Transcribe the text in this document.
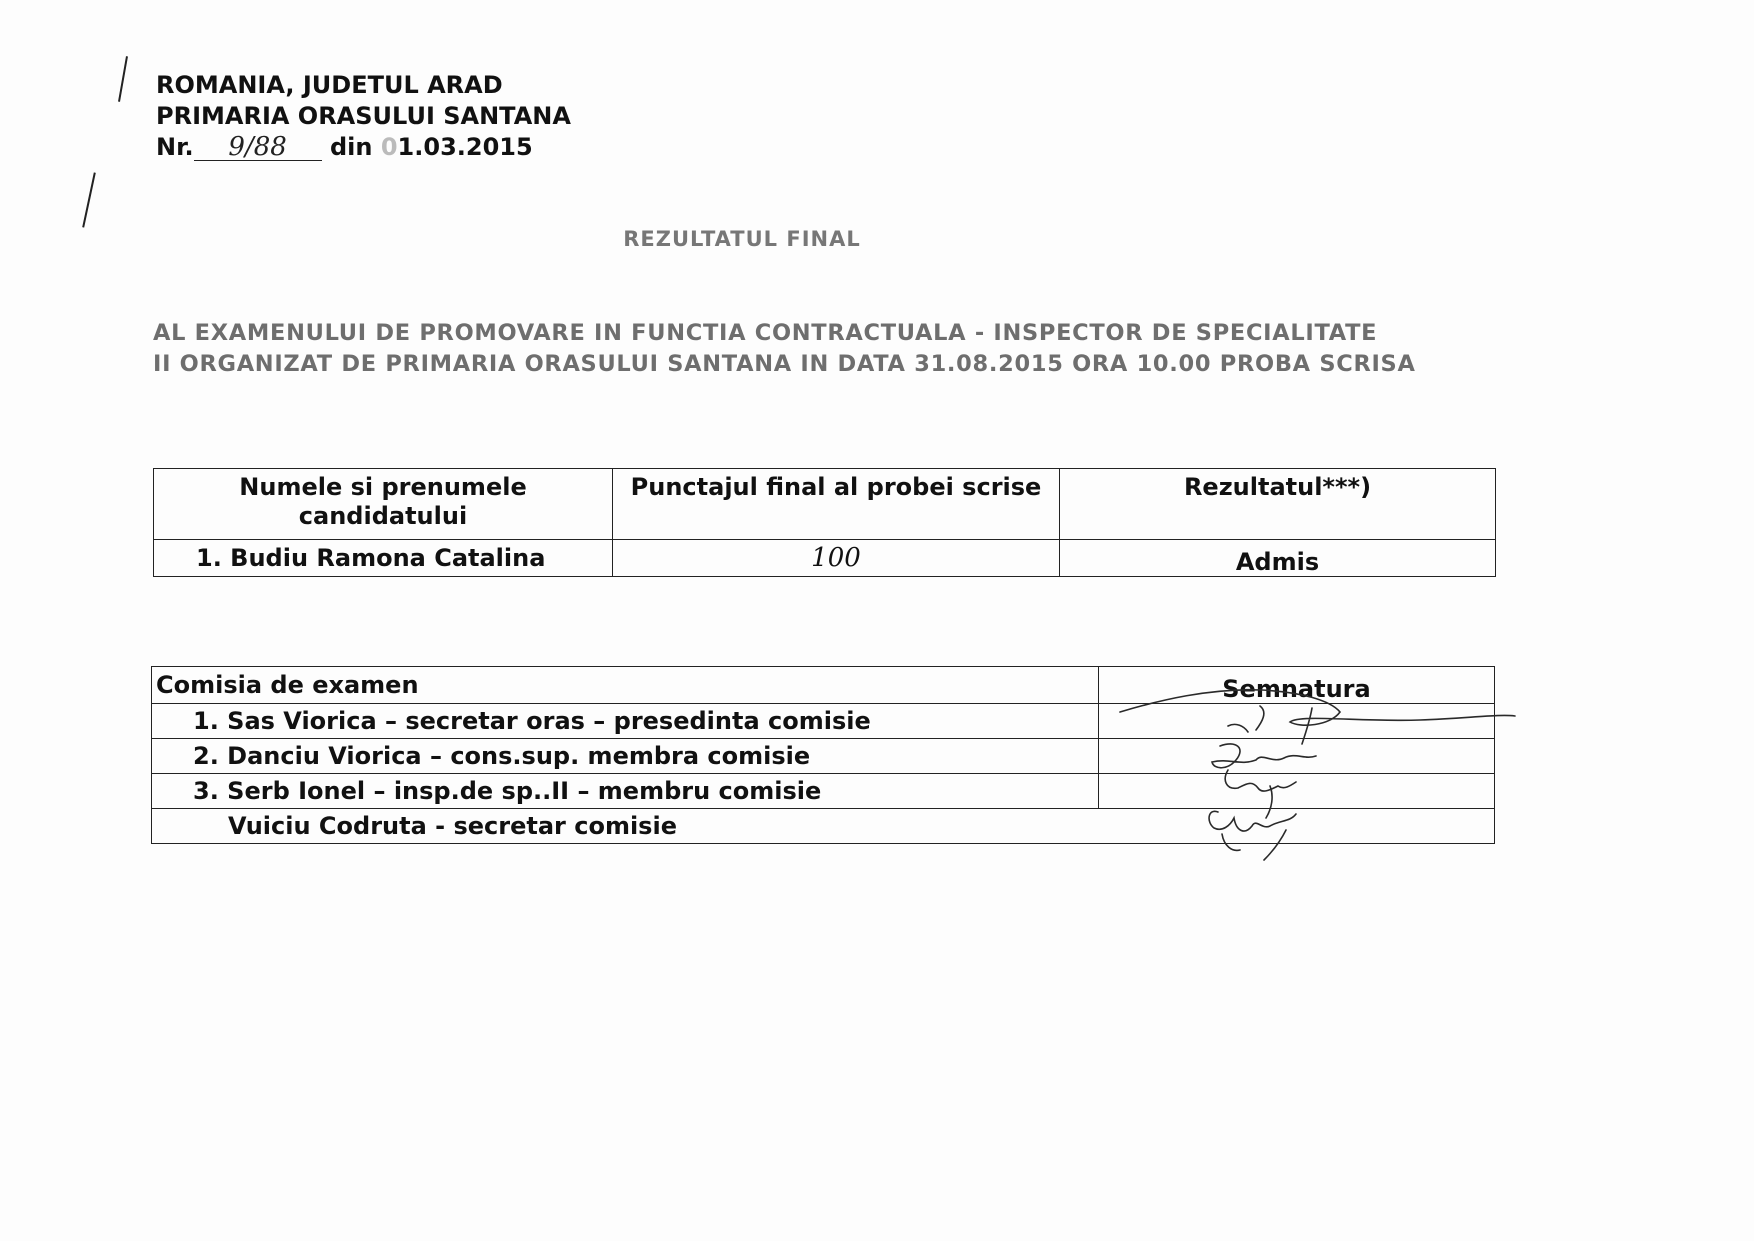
ROMANIA, JUDETUL ARAD
PRIMARIA ORASULUI SANTANA
Nr. 9/88 din 01.03.2015
REZULTATUL FINAL
AL EXAMENULUI DE PROMOVARE IN FUNCTIA CONTRACTUALA - INSPECTOR DE SPECIALITATE
II ORGANIZAT DE PRIMARIA ORASULUI SANTANA IN DATA 31.08.2015 ORA 10.00 PROBA SCRISA
Numele si prenumele candidatului	Punctajul final al probei scrise	Rezultatul***)
1. Budiu Ramona Catalina	100	Admis
Comisia de examen	Semnatura
1. Sas Viorica – secretar oras – presedinta comisie	
2. Danciu Viorica – cons.sup. membra comisie	
3. Serb Ionel – insp.de sp..II – membru comisie	
Vuiciu Codruta - secretar comisie	
